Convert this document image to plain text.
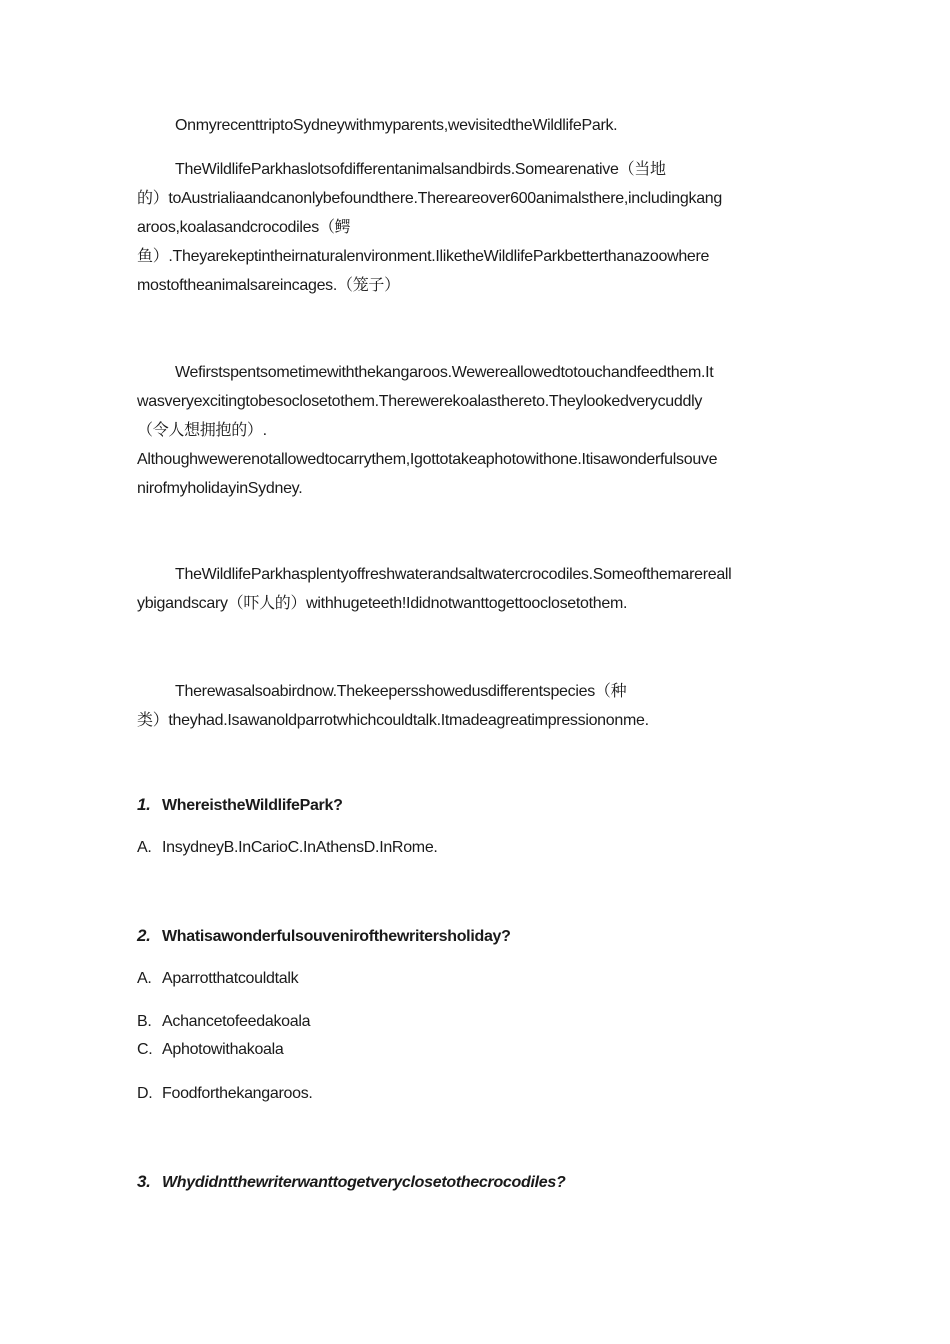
OnmyrecenttriptoSydneywithmyparents,wevisitedtheWildlifePark.
TheWildlifeParkhaslotsofdifferentanimalsandbirds.Somearenative（当地
的）toAustrialiaandcanonlybefoundthere.Thereareover600animalsthere,includingkang
aroos,koalasandcrocodiles（鳄
鱼）.Theyarekeptintheirnaturalenvironment.IliketheWildlifeParkbetterthanazoowhere
mostoftheanimalsareincages.（笼子）
Wefirstspentsometimewiththekangaroos.Wewereallowedtotouchandfeedthem.It
wasveryexcitingtobesoclosetothem.Therewerekoalasthereto.Theylookedverycuddly
（令人想拥抱的）.
Althoughwewerenotallowedtocarrythem,Igottotakeaphotowithone.Itisawonderfulsouve
nirofmyholidayinSydney.
TheWildlifeParkhasplentyoffreshwaterandsaltwatercrocodiles.Someofthemarereall
ybigandscary（吓人的）withhugeteeth!Ididnotwanttogettooclosetothem.
Therewasalsoabirdnow.Thekeepersshowedusdifferentspecies（种
类）theyhad.Isawanoldparrotwhichcouldtalk.Itmadeagreatimpressiononme.
1. WhereistheWildlifePark?
A. InsydneyB.InCarioC.InAthensD.InRome.
2. Whatisawonderfulsouvenirofthewritersholiday?
A. Aparrotthatcouldtalk
B. Achancetofeedakoala
C. Aphotowithakoala
D. Foodforthekangaroos.
3. Whydidntthewriterwanttogetveryclosetothecrocodiles?
